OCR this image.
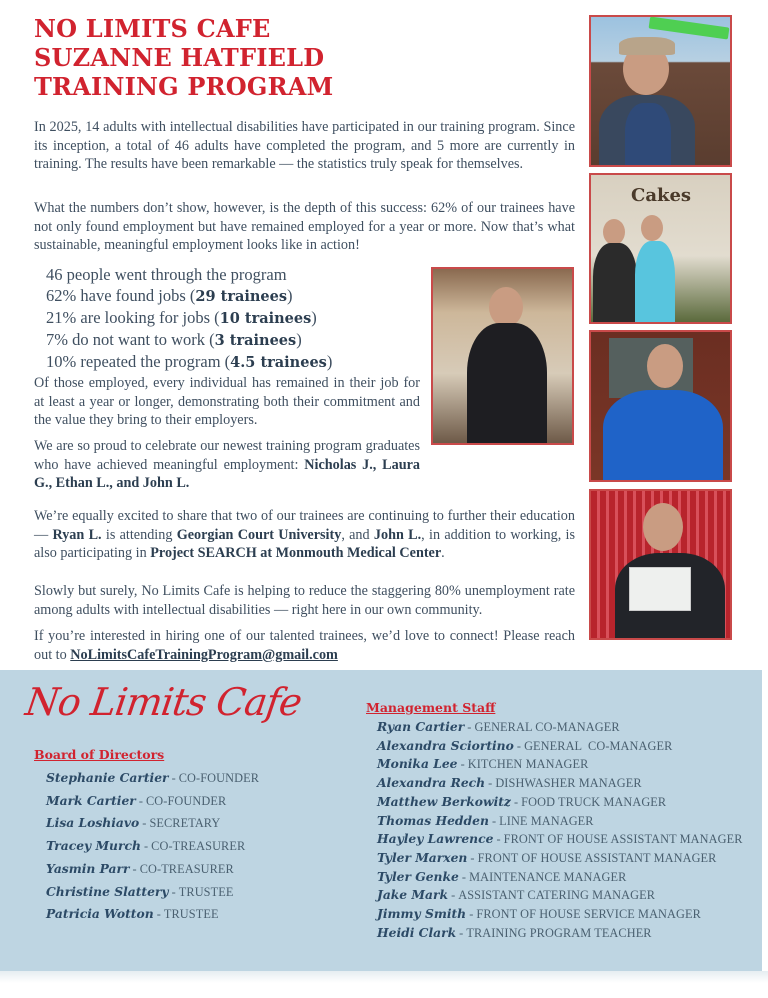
NO LIMITS CAFE
SUZANNE HATFIELD
TRAINING PROGRAM

In 2025, 14 adults with intellectual disabilities have participated in our training program. Since its inception, a total of 46 adults have completed the program, and 5 more are currently in training. The results have been remarkable — the statistics truly speak for themselves.

What the numbers don’t show, however, is the depth of this success: 62% of our trainees have not only found employment but have remained employed for a year or more. Now that’s what sustainable, meaningful employment looks like in action!

46 people went through the program
62% have found jobs (29 trainees)
21% are looking for jobs (10 trainees)
7% do not want to work (3 trainees)
10% repeated the program (4.5 trainees)

Of those employed, every individual has remained in their job for at least a year or longer, demonstrating both their commitment and the value they bring to their employers.

We are so proud to celebrate our newest training program graduates who have achieved meaningful employment: Nicholas J., Laura G., Ethan L., and John L.

We’re equally excited to share that two of our trainees are continuing to further their education — Ryan L. is attending Georgian Court University, and John L., in addition to working, is also participating in Project SEARCH at Monmouth Medical Center.

Slowly but surely, No Limits Cafe is helping to reduce the staggering 80% unemployment rate among adults with intellectual disabilities — right here in our own community.

If you’re interested in hiring one of our talented trainees, we’d love to connect! Please reach out to NoLimitsCafeTrainingProgram@gmail.com

Cakes
No Limits Cafe
Board of Directors
Stephanie Cartier - CO-FOUNDER
Mark Cartier - CO-FOUNDER
Lisa Loshiavo - SECRETARY
Tracey Murch - CO-TREASURER
Yasmin Parr - CO-TREASURER
Christine Slattery - TRUSTEE
Patricia Wotton - TRUSTEE
Management Staff
Ryan Cartier - GENERAL CO-MANAGER
Alexandra Sciortino - GENERAL  CO-MANAGER
Monika Lee - KITCHEN MANAGER
Alexandra Rech - DISHWASHER MANAGER
Matthew Berkowitz - FOOD TRUCK MANAGER
Thomas Hedden - LINE MANAGER
Hayley Lawrence - FRONT OF HOUSE ASSISTANT MANAGER
Tyler Marxen - FRONT OF HOUSE ASSISTANT MANAGER
Tyler Genke - MAINTENANCE MANAGER
Jake Mark - ASSISTANT CATERING MANAGER
Jimmy Smith - FRONT OF HOUSE SERVICE MANAGER
Heidi Clark - TRAINING PROGRAM TEACHER
